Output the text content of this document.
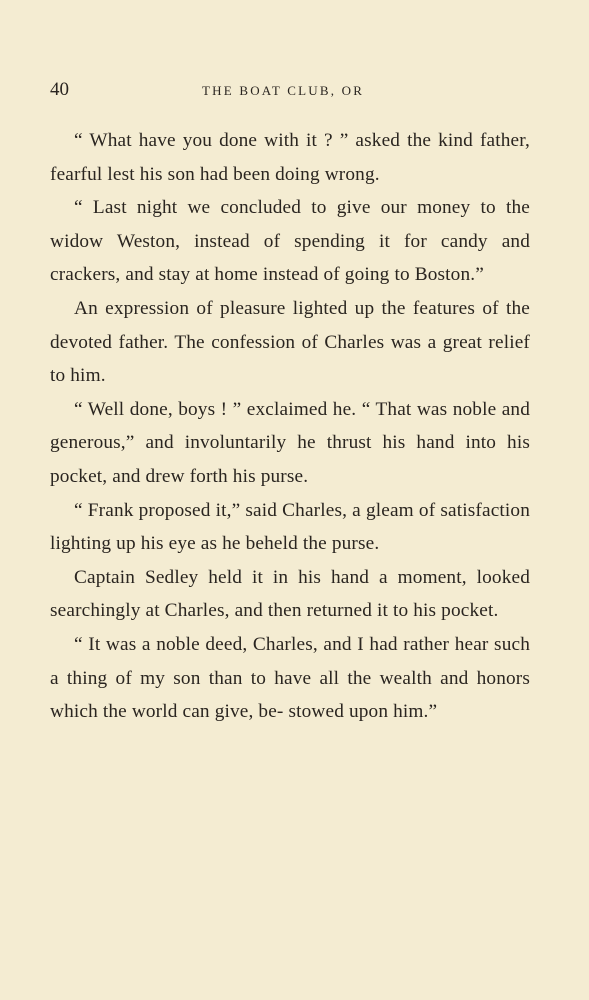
40	THE BOAT CLUB, OR

“ What have you done with it ? ” asked the kind father, fearful lest his son had been doing wrong.

“ Last night we concluded to give our money to the widow Weston, instead of spending it for candy and crackers, and stay at home instead of going to Boston.”

An expression of pleasure lighted up the features of the devoted father. The confession of Charles was a great relief to him.

“ Well done, boys ! ” exclaimed he. “ That was noble and generous,” and involuntarily he thrust his hand into his pocket, and drew forth his purse.

“ Frank proposed it,” said Charles, a gleam of satisfaction lighting up his eye as he beheld the purse.

Captain Sedley held it in his hand a moment, looked searchingly at Charles, and then returned it to his pocket.

“ It was a noble deed, Charles, and I had rather hear such a thing of my son than to have all the wealth and honors which the world can give, be- stowed upon him.”
